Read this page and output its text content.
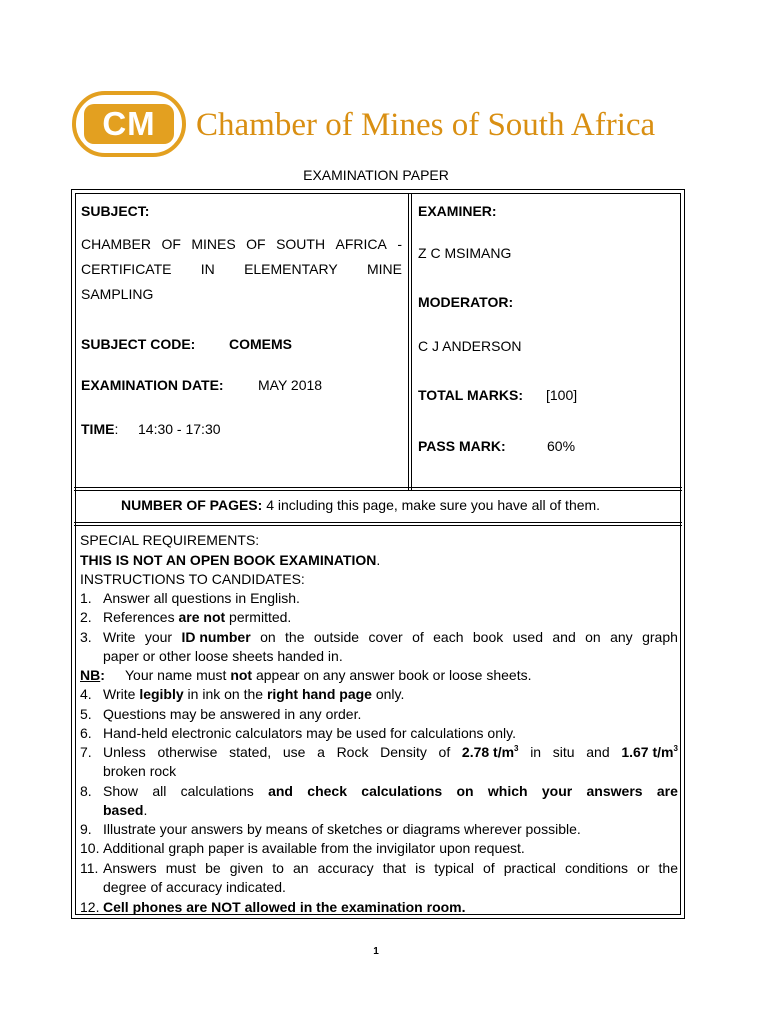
CM	Chamber of Mines of South Africa
EXAMINATION PAPER
SUBJECT:
CHAMBER OF MINES OF SOUTH AFRICA -
CERTIFICATE IN ELEMENTARY MINE
SAMPLING
SUBJECT CODE: COMEMS
EXAMINATION DATE: MAY 2018
TIME: 14:30 - 17:30
EXAMINER:
Z C MSIMANG
MODERATOR:
C J ANDERSON
TOTAL MARKS: [100]
PASS MARK:	60%
NUMBER OF PAGES: 4 including this page, make sure you have all of them.
SPECIAL REQUIREMENTS:
THIS IS NOT AN OPEN BOOK EXAMINATION.
INSTRUCTIONS TO CANDIDATES:
1. Answer all questions in English.
2. References are not permitted.
3. Write your ID number on the outside cover of each book used and on any graph
paper or other loose sheets handed in.
NB: Your name must not appear on any answer book or loose sheets.
4. Write legibly in ink on the right hand page only.
5. Questions may be answered in any order.
6. Hand-held electronic calculators may be used for calculations only.
7. Unless otherwise stated, use a Rock Density of 2.78 $t/m^3$ in situ and 1.67 $t/m^3$
broken rock
8. Show all calculations and check calculations on which your answers are
based.
9. Illustrate your answers by means of sketches or diagrams wherever possible.
10. Additional graph paper is available from the invigilator upon request.
11. Answers must be given to an accuracy that is typical of practical conditions or the
degree of accuracy indicated.
12. Cell phones are NOT allowed in the examination room.
1
